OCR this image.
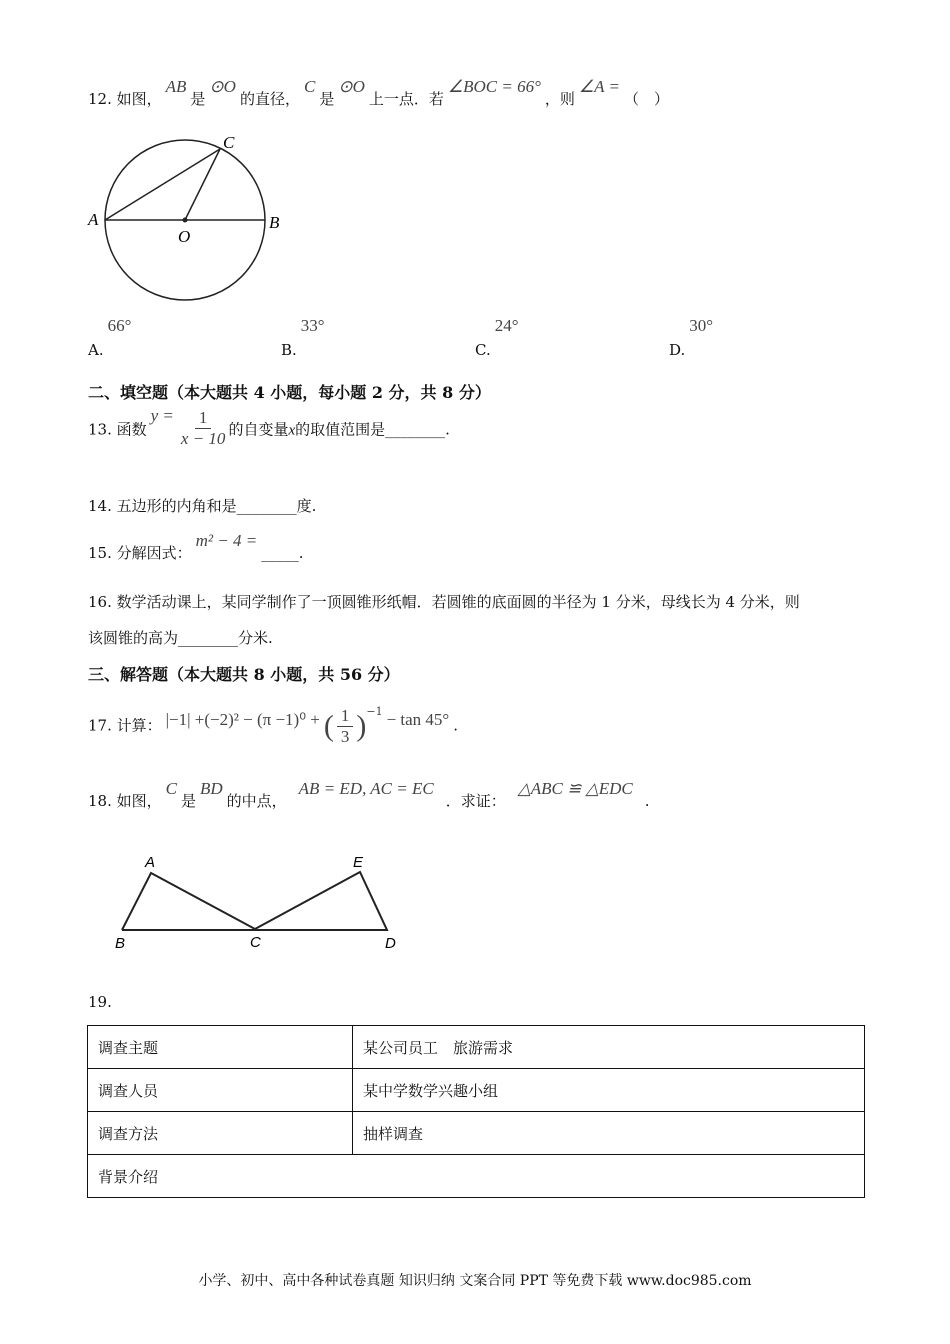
12. 如图，AB是⊙O的直径，C是⊙O上一点．若∠BOC = 66°，则∠A =（　）
A	B
C
O
A.66°
B.33°
C.24°
D.30°
二、填空题（本大题共 4 小题，每小题 2 分，共 8 分）
13. 函数$y = \frac{1}{x - 10}$ 的自变量x的取值范围是________.
14. 五边形的内角和是________度.
15. 分解因式：m² − 4 =_____.
16. 数学活动课上，某同学制作了一顶圆锥形纸帽．若圆锥的底面圆的半径为 1 分米，母线长为 4 分米，则
该圆锥的高为________分米.
三、解答题（本大题共 8 小题，共 56 分）
17. 计算： |−1| +(−2)² − (π −1)⁰ + ( $\frac{1}{3} )^{-1} - \tan 45^\circ$ .
18. 如图，C是BD的中点，AB = ED, AC = EC．求证：△ABC ≌ △EDC.
A
B	C	D
E
19.
调查主题	某公司员工　旅游需求
调查人员	某中学数学兴趣小组
调查方法	抽样调查
背景介绍	
小学、初中、高中各种试卷真题 知识归纳 文案合同 PPT 等免费下载 www.doc985.com
